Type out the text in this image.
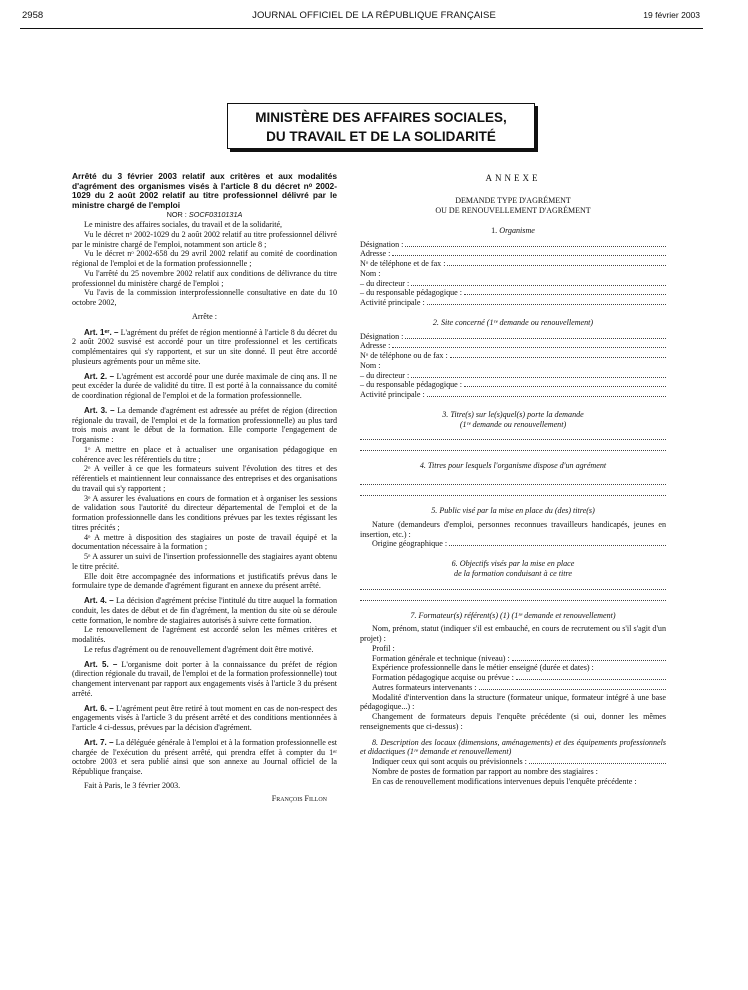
2958	JOURNAL OFFICIEL DE LA RÉPUBLIQUE FRANÇAISE	19 février 2003
MINISTÈRE DES AFFAIRES SOCIALES,
DU TRAVAIL ET DE LA SOLIDARITÉ

Arrêté du 3 février 2003 relatif aux critères et aux modalités d'agrément des organismes visés à l'article 8 du décret nᵒ 2002-1029 du 2 août 2002 relatif au titre professionnel délivré par le ministre chargé de l'emploi

NOR : SOCF0310131A

Le ministre des affaires sociales, du travail et de la solidarité,

Vu le décret nᵒ 2002-1029 du 2 août 2002 relatif au titre professionnel délivré par le ministre chargé de l'emploi, notamment son article 8 ;

Vu le décret nᵒ 2002-658 du 29 avril 2002 relatif au comité de coordination régional de l'emploi et de la formation professionnelle ;

Vu l'arrêté du 25 novembre 2002 relatif aux conditions de délivrance du titre professionnel du ministère chargé de l'emploi ;

Vu l'avis de la commission interprofessionnelle consultative en date du 10 octobre 2002,

Arrête :

Art. 1ᵉʳ. – L'agrément du préfet de région mentionné à l'article 8 du décret du 2 août 2002 susvisé est accordé pour un titre professionnel et les certificats complémentaires qui s'y rapportent, et sur un site donné. Il peut être accordé plusieurs agréments pour un même site.

Art. 2. – L'agrément est accordé pour une durée maximale de cinq ans. Il ne peut excéder la durée de validité du titre. Il est porté à la connaissance du comité de coordination régional de l'emploi et de la formation professionnelle.

Art. 3. – La demande d'agrément est adressée au préfet de région (direction régionale du travail, de l'emploi et de la formation professionnelle) au plus tard trois mois avant le début de la formation. Elle comporte l'engagement de l'organisme :

1ᵒ A mettre en place et à actualiser une organisation pédagogique en cohérence avec les référentiels du titre ;

2ᵒ A veiller à ce que les formateurs suivent l'évolution des titres et des référentiels et maintiennent leur connaissance des entreprises et des organisations du travail qui s'y rapportent ;

3ᵒ A assurer les évaluations en cours de formation et à organiser les sessions de validation sous l'autorité du directeur départemental de l'emploi et de la formation professionnelle dans les conditions prévues par les textes régissant les titres précités ;

4ᵒ A mettre à disposition des stagiaires un poste de travail équipé et la documentation nécessaire à la formation ;

5ᵒ A assurer un suivi de l'insertion professionnelle des stagiaires ayant obtenu le titre précité.

Elle doit être accompagnée des informations et justificatifs prévus dans le formulaire type de demande d'agrément figurant en annexe du présent arrêté.

Art. 4. – La décision d'agrément précise l'intitulé du titre auquel la formation conduit, les dates de début et de fin d'agrément, la mention du site où se déroule cette formation, le nombre de stagiaires autorisés à suivre cette formation.

Le renouvellement de l'agrément est accordé selon les mêmes critères et modalités.

Le refus d'agrément ou de renouvellement d'agrément doit être motivé.

Art. 5. – L'organisme doit porter à la connaissance du préfet de région (direction régionale du travail, de l'emploi et de la formation professionnelle) tout changement intervenant par rapport aux engagements visés à l'article 3 du présent arrêté.

Art. 6. – L'agrément peut être retiré à tout moment en cas de non-respect des engagements visés à l'article 3 du présent arrêté et des conditions mentionnées à l'article 4 ci-dessus, prévues par la décision d'agrément.

Art. 7. – La déléguée générale à l'emploi et à la formation professionnelle est chargée de l'exécution du présent arrêté, qui prendra effet à compter du 1ᵉʳ octobre 2003 et sera publié ainsi que son annexe au Journal officiel de la République française.

Fait à Paris, le 3 février 2003.

François Fillon

ANNEXE

DEMANDE TYPE D'AGRÉMENT

OU DE RENOUVELLEMENT D'AGRÉMENT

1. Organisme

Désignation :
Adresse :
Nᵒ de téléphone et de fax :

Nom :

– du directeur :
– du responsable pédagogique :
Activité principale :

2. Site concerné (1ʳᵉ demande ou renouvellement)

Désignation :
Adresse :
Nᵒ de téléphone ou de fax :

Nom :

– du directeur :
– du responsable pédagogique :
Activité principale :

3. Titre(s) sur le(s)quel(s) porte la demande

(1ʳᵉ demande ou renouvellement)

4. Titres pour lesquels l'organisme dispose d'un agrément

5. Public visé par la mise en place du (des) titre(s)

Nature (demandeurs d'emploi, personnes reconnues travailleurs handicapés, jeunes en insertion, etc.) :

Origine géographique :

6. Objectifs visés par la mise en place

de la formation conduisant à ce titre

7. Formateur(s) référent(s) (1) (1ʳᵉ demande et renouvellement)

Nom, prénom, statut (indiquer s'il est embauché, en cours de recrutement ou s'il s'agit d'un projet) :

Profil :

Formation générale et technique (niveau) :

Expérience professionnelle dans le métier enseigné (durée et dates) :

Formation pédagogique acquise ou prévue :
Autres formateurs intervenants :

Modalité d'intervention dans la structure (formateur unique, formateur intégré à une base pédagogique...) :

Changement de formateurs depuis l'enquête précédente (si oui, donner les mêmes renseignements que ci-dessus) :

8. Description des locaux (dimensions, aménagements) et des équipements professionnels et didactiques (1ʳᵉ demande et renouvellement)

Indiquer ceux qui sont acquis ou prévisionnels :

Nombre de postes de formation par rapport au nombre des stagiaires :

En cas de renouvellement modifications intervenues depuis l'enquête précédente :
